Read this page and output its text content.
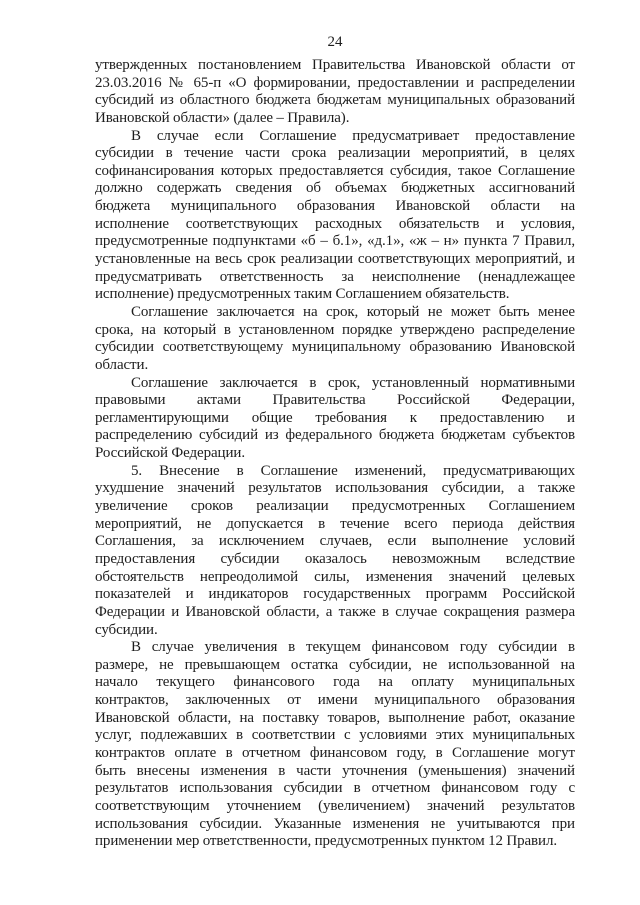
24
утвержденных постановлением Правительства Ивановской области от
23.03.2016 № 65-п «О формировании, предоставлении и распределении
субсидий из областного бюджета бюджетам муниципальных образований
Ивановской области» (далее – Правила).
В случае если Соглашение предусматривает предоставление
субсидии в течение части срока реализации мероприятий, в целях
софинансирования которых предоставляется субсидия, такое Соглашение
должно содержать сведения об объемах бюджетных ассигнований
бюджета муниципального образования Ивановской области на
исполнение соответствующих расходных обязательств и условия,
предусмотренные подпунктами «б – б.1», «д.1», «ж – н» пункта 7 Правил,
установленные на весь срок реализации соответствующих мероприятий, и
предусматривать ответственность за неисполнение (ненадлежащее
исполнение) предусмотренных таким Соглашением обязательств.
Соглашение заключается на срок, который не может быть менее
срока, на который в установленном порядке утверждено распределение
субсидии соответствующему муниципальному образованию Ивановской
области.
Соглашение заключается в срок, установленный нормативными
правовыми актами Правительства Российской Федерации,
регламентирующими общие требования к предоставлению и
распределению субсидий из федерального бюджета бюджетам субъектов
Российской Федерации.
5. Внесение в Соглашение изменений, предусматривающих
ухудшение значений результатов использования субсидии, а также
увеличение сроков реализации предусмотренных Соглашением
мероприятий, не допускается в течение всего периода действия
Соглашения, за исключением случаев, если выполнение условий
предоставления субсидии оказалось невозможным вследствие
обстоятельств непреодолимой силы, изменения значений целевых
показателей и индикаторов государственных программ Российской
Федерации и Ивановской области, а также в случае сокращения размера
субсидии.
В случае увеличения в текущем финансовом году субсидии в
размере, не превышающем остатка субсидии, не использованной на
начало текущего финансового года на оплату муниципальных
контрактов, заключенных от имени муниципального образования
Ивановской области, на поставку товаров, выполнение работ, оказание
услуг, подлежавших в соответствии с условиями этих муниципальных
контрактов оплате в отчетном финансовом году, в Соглашение могут
быть внесены изменения в части уточнения (уменьшения) значений
результатов использования субсидии в отчетном финансовом году с
соответствующим уточнением (увеличением) значений результатов
использования субсидии. Указанные изменения не учитываются при
применении мер ответственности, предусмотренных пунктом 12 Правил.
